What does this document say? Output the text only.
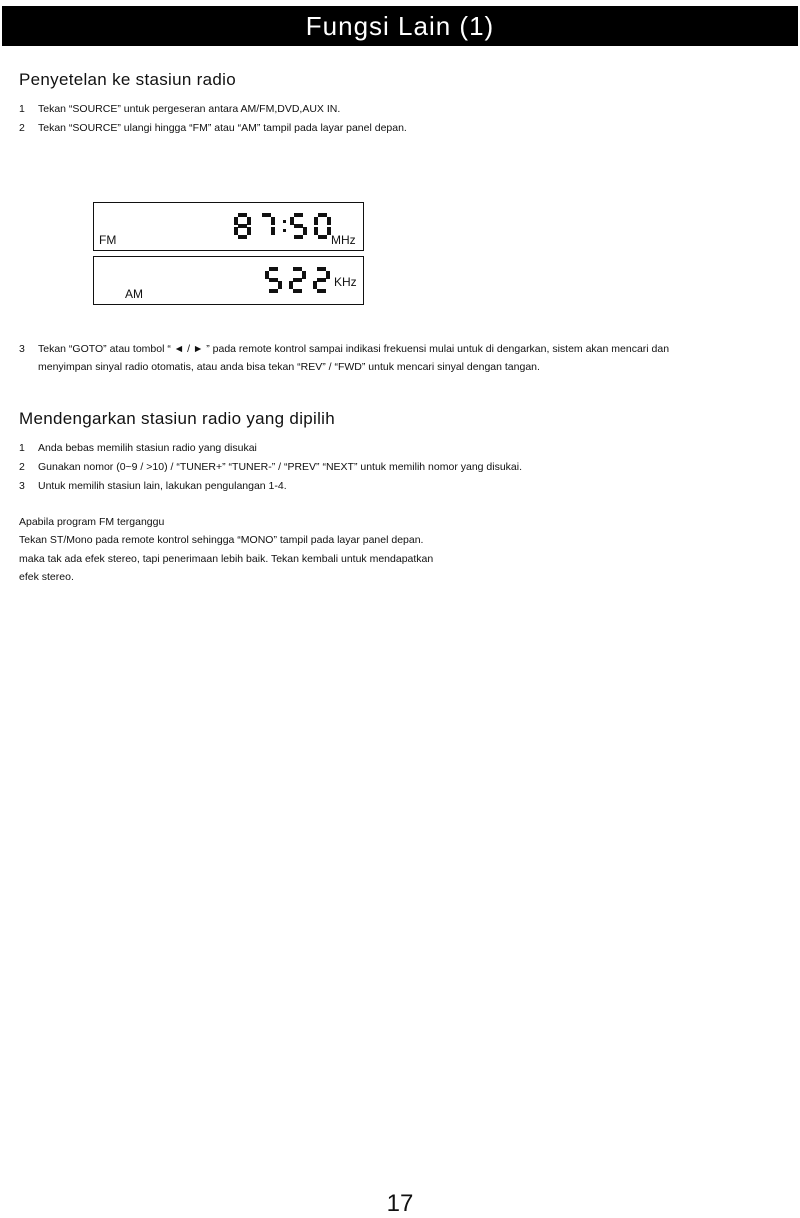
Fungsi Lain (1)
Penyetelan ke stasiun radio
1 Tekan “SOURCE” untuk pergeseran antara AM/FM,DVD,AUX IN.
2 Tekan “SOURCE” ulangi hingga “FM” atau “AM” tampil pada layar panel depan.
FM	MHz
AM
KHz
3 Tekan “GOTO” atau tombol “ ◄ / ► ” pada remote kontrol sampai indikasi frekuensi mulai untuk di dengarkan, sistem akan mencari dan
menyimpan sinyal radio otomatis, atau anda bisa tekan “REV” / “FWD” untuk mencari sinyal dengan tangan.
Mendengarkan stasiun radio yang dipilih
1 Anda bebas memilih stasiun radio yang disukai
2 Gunakan nomor (0~9 / >10) / “TUNER+” “TUNER-” / “PREV” “NEXT” untuk memilih nomor yang disukai.
3 Untuk memilih stasiun lain, lakukan pengulangan 1-4.
Apabila program FM terganggu
Tekan ST/Mono pada remote kontrol sehingga “MONO” tampil pada layar panel depan.
maka tak ada efek stereo, tapi penerimaan lebih baik. Tekan kembali untuk mendapatkan
efek stereo.
17
